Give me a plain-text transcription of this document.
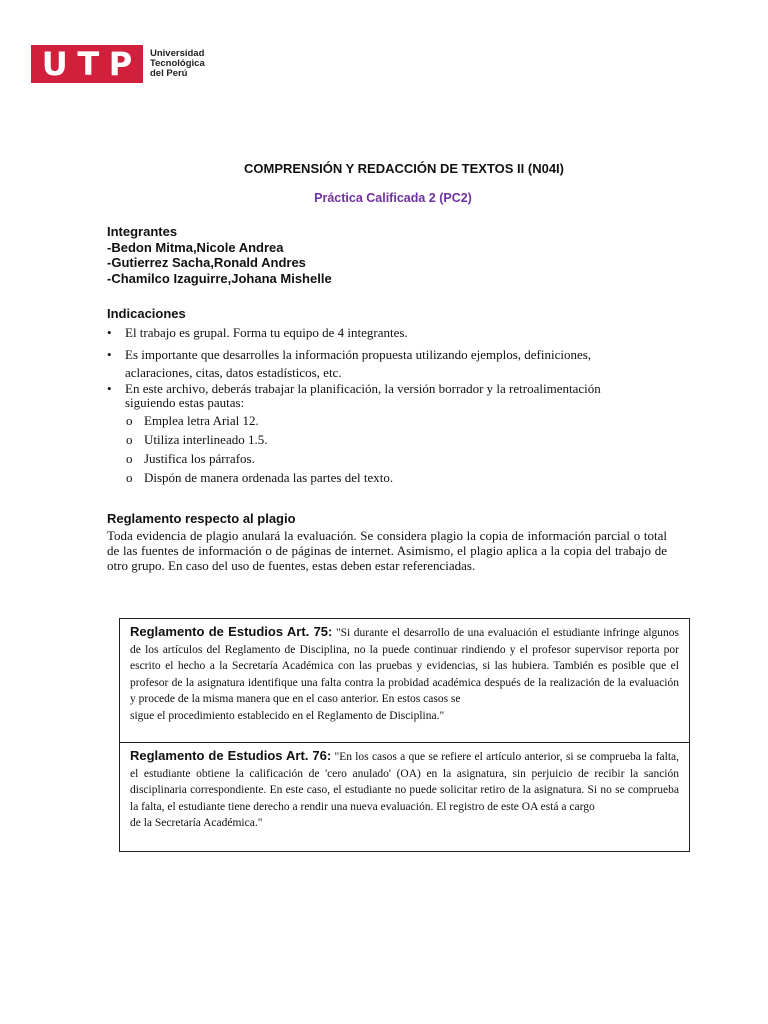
U T P Universidad
Tecnológica
del Perú
COMPRENSIÓN Y REDACCIÓN DE TEXTOS II (N04I)
Práctica Calificada 2 (PC2)
Integrantes
-Bedon Mitma,Nicole Andrea
-Gutierrez Sacha,Ronald Andres
-Chamilco Izaguirre,Johana Mishelle
Indicaciones
•	El trabajo es grupal. Forma tu equipo de 4 integrantes.
•	Es importante que desarrolles la información propuesta utilizando ejemplos, definiciones,
aclaraciones, citas, datos estadísticos, etc.
•	En este archivo, deberás trabajar la planificación, la versión borrador y la retroalimentación
siguiendo estas pautas:
o Emplea letra Arial 12.
o Utiliza interlineado 1.5.
o Justifica los párrafos.
o Dispón de manera ordenada las partes del texto.
Reglamento respecto al plagio
Toda evidencia de plagio anulará la evaluación. Se considera plagio la copia de información parcial o total de las fuentes de información o de páginas de internet. Asimismo, el plagio aplica a la copia del trabajo de otro grupo. En caso del uso de fuentes, estas deben estar referenciadas.
Reglamento de Estudios Art. 75: "Si durante el desarrollo de una evaluación el estudiante infringe algunos de los artículos del Reglamento de Disciplina, no la puede continuar rindiendo y el profesor supervisor reporta por escrito el hecho a la Secretaría Académica con las pruebas y evidencias, si las hubiera. También es posible que el profesor de la asignatura identifique una falta contra la probidad académica después de la realización de la evaluación y procede de la misma manera que en el caso anterior. En estos casos se
sigue el procedimiento establecido en el Reglamento de Disciplina."
Reglamento de Estudios Art. 76: "En los casos a que se refiere el artículo anterior, si se comprueba la falta, el estudiante obtiene la calificación de 'cero anulado' (OA) en la asignatura, sin perjuicio de recibir la sanción disciplinaria correspondiente. En este caso, el estudiante no puede solicitar retiro de la asignatura. Si no se comprueba la falta, el estudiante tiene derecho a rendir una nueva evaluación. El registro de este OA está a cargo
de la Secretaría Académica."
